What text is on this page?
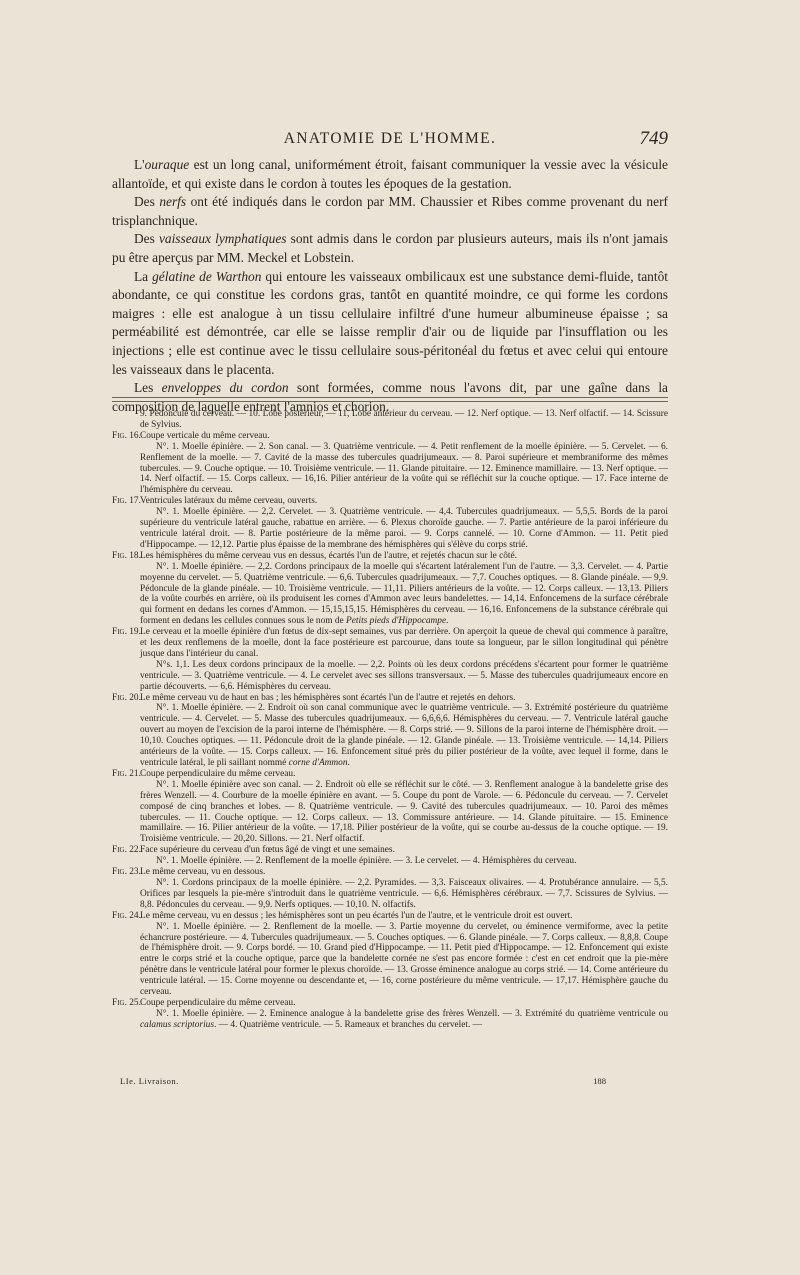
ANATOMIE DE L'HOMME.	749

L'ouraque est un long canal, uniformément étroit, faisant communiquer la vessie avec la vésicule allantoïde, et qui existe dans le cordon à toutes les époques de la gestation.

Des nerfs ont été indiqués dans le cordon par MM. Chaussier et Ribes comme provenant du nerf trisplanchnique.

Des vaisseaux lymphatiques sont admis dans le cordon par plusieurs auteurs, mais ils n'ont jamais pu être aperçus par MM. Meckel et Lobstein.

La gélatine de Warthon qui entoure les vaisseaux ombilicaux est une substance demi-fluide, tantôt abondante, ce qui constitue les cordons gras, tantôt en quantité moindre, ce qui forme les cordons maigres : elle est analogue à un tissu cellulaire infiltré d'une humeur albumineuse épaisse ; sa perméabilité est démontrée, car elle se laisse remplir d'air ou de liquide par l'insufflation ou les injections ; elle est continue avec le tissu cellulaire sous-péritonéal du fœtus et avec celui qui entoure les vaisseaux dans le placenta.

Les enveloppes du cordon sont formées, comme nous l'avons dit, par une gaîne dans la composition de laquelle entrent l'amnios et chorion.

9. Pédoncule du cerveau. — 10. Lobe postérieur, — 11, Lobe antérieur du cerveau. — 12. Nerf optique. — 13. Nerf olfactif. — 14. Scissure de Sylvius.

Fig. 16. Coupe verticale du même cerveau.

N°. 1. Moelle épinière. — 2. Son canal. — 3. Quatrième ventricule. — 4. Petit renflement de la moelle épinière. — 5. Cervelet. — 6. Renflement de la moelle. — 7. Cavité de la masse des tubercules quadrijumeaux. — 8. Paroi supérieure et membraniforme des mêmes tubercules. — 9. Couche optique. — 10. Troisième ventricule. — 11. Glande pituitaire. — 12. Eminence mamillaire. — 13. Nerf optique. — 14. Nerf olfactif. — 15. Corps calleux. — 16,16. Pilier antérieur de la voûte qui se réfléchit sur la couche optique. — 17. Face interne de l'hémisphère du cerveau.

Fig. 17. Ventricules latéraux du même cerveau, ouverts.

N°. 1. Moelle épinière. — 2,2. Cervelet. — 3. Quatrième ventricule. — 4,4. Tubercules quadrijumeaux. — 5,5,5. Bords de la paroi supérieure du ventricule latéral gauche, rabattue en arrière. — 6. Plexus choroïde gauche. — 7. Partie antérieure de la paroi inférieure du ventricule latéral droit. — 8. Partie postérieure de la même paroi. — 9. Corps cannelé. — 10. Corne d'Ammon. — 11. Petit pied d'Hippocampe. — 12,12. Partie plus épaisse de la membrane des hémisphères qui s'élève du corps strié.

Fig. 18. Les hémisphères du même cerveau vus en dessus, écartés l'un de l'autre, et rejetés chacun sur le côté.

N°. 1. Moelle épinière. — 2,2. Cordons principaux de la moelle qui s'écartent latéralement l'un de l'autre. — 3,3. Cervelet. — 4. Partie moyenne du cervelet. — 5. Quatrième ventricule. — 6,6. Tubercules quadrijumeaux. — 7,7. Couches optiques. — 8. Glande pinéale. — 9,9. Pédoncule de la glande pinéale. — 10. Troisième ventricule. — 11,11. Piliers antérieurs de la voûte. — 12. Corps calleux. — 13,13. Piliers de la voûte courbés en arrière, où ils produisent les cornes d'Ammon avec leurs bandelettes. — 14,14. Enfoncemens de la surface cérébrale qui forment en dedans les cornes d'Ammon. — 15,15,15,15. Hémisphères du cerveau. — 16,16. Enfoncemens de la substance cérébrale qui forment en dedans les cellules connues sous le nom de Petits pieds d'Hippocampe.

Fig. 19. Le cerveau et la moelle épinière d'un fœtus de dix-sept semaines, vus par derrière. On aperçoit la queue de cheval qui commence à paraître, et les deux renflemens de la moelle, dont la face postérieure est parcourue, dans toute sa longueur, par le sillon longitudinal qui pénètre jusque dans l'intérieur du canal.

N°s. 1,1. Les deux cordons principaux de la moelle. — 2,2. Points où les deux cordons précédens s'écartent pour former le quatrième ventricule. — 3. Quatrième ventricule. — 4. Le cervelet avec ses sillons transversaux. — 5. Masse des tubercules quadrijumeaux encore en partie découverts. — 6,6. Hémisphères du cerveau.

Fig. 20. Le même cerveau vu de haut en bas ; les hémisphères sont écartés l'un de l'autre et rejetés en dehors.

N°. 1. Moelle épinière. — 2. Endroit où son canal communique avec le quatrième ventricule. — 3. Extrémité postérieure du quatrième ventricule. — 4. Cervelet. — 5. Masse des tubercules quadrijumeaux. — 6,6,6,6. Hémisphères du cerveau. — 7. Ventricule latéral gauche ouvert au moyen de l'excision de la paroi interne de l'hémisphère. — 8. Corps strié. — 9. Sillons de la paroi interne de l'hémisphère droit. — 10,10. Couches optiques. — 11. Pédoncule droit de la glande pinéale. — 12. Glande pinéale. — 13. Troisième ventricule. — 14,14. Piliers antérieurs de la voûte. — 15. Corps calleux. — 16. Enfoncement situé près du pilier postérieur de la voûte, avec lequel il forme, dans le ventricule latéral, le pli saillant nommé corne d'Ammon.

Fig. 21. Coupe perpendiculaire du même cerveau.

N°. 1. Moelle épinière avec son canal. — 2. Endroit où elle se réfléchit sur le côté. — 3. Renflement analogue à la bandelette grise des frères Wenzell. — 4. Courbure de la moelle épinière en avant. — 5. Coupe du pont de Varole. — 6. Pédoncule du cerveau. — 7. Cervelet composé de cinq branches et lobes. — 8. Quatrième ventricule. — 9. Cavité des tubercules quadrijumeaux. — 10. Paroi des mêmes tubercules. — 11. Couche optique. — 12. Corps calleux. — 13. Commissure antérieure. — 14. Glande pituitaire. — 15. Eminence mamillaire. — 16. Pilier antérieur de la voûte. — 17,18. Pilier postérieur de la voûte, qui se courbe au-dessus de la couche optique. — 19. Troisième ventricule. — 20,20. Sillons. — 21. Nerf olfactif.

Fig. 22. Face supérieure du cerveau d'un fœtus âgé de vingt et une semaines.

N°. 1. Moelle épinière. — 2. Renflement de la moelle épinière. — 3. Le cervelet. — 4. Hémisphères du cerveau.

Fig. 23. Le même cerveau, vu en dessous.

N°. 1. Cordons principaux de la moelle épinière. — 2,2. Pyramides. — 3,3. Faisceaux olivaires. — 4. Protubérance annulaire. — 5,5. Orifices par lesquels la pie-mère s'introduit dans le quatrième ventricule. — 6,6. Hémisphères cérébraux. — 7,7. Scissures de Sylvius. — 8,8. Pédoncules du cerveau. — 9,9. Nerfs optiques. — 10,10. N. olfactifs.

Fig. 24. Le même cerveau, vu en dessus ; les hémisphères sont un peu écartés l'un de l'autre, et le ventricule droit est ouvert.

N°. 1. Moelle épinière. — 2. Renflement de la moelle. — 3. Partie moyenne du cervelet, ou éminence vermiforme, avec la petite échancrure postérieure. — 4. Tubercules quadrijumeaux. — 5. Couches optiques. — 6. Glande pinéale. — 7. Corps calleux. — 8,8,8. Coupe de l'hémisphère droit. — 9. Corps bordé. — 10. Grand pied d'Hippocampe. — 11. Petit pied d'Hippocampe. — 12. Enfoncement qui existe entre le corps strié et la couche optique, parce que la bandelette cornée ne s'est pas encore formée : c'est en cet endroit que la pie-mère pénètre dans le ventricule latéral pour former le plexus choroïde. — 13. Grosse éminence analogue au corps strié. — 14. Corne antérieure du ventricule latéral. — 15. Corne moyenne ou descendante et, — 16, corne postérieure du même ventricule. — 17,17. Hémisphère gauche du cerveau.

Fig. 25. Coupe perpendiculaire du même cerveau.

N°. 1. Moelle épinière. — 2. Eminence analogue à la bandelette grise des frères Wenzell. — 3. Extrémité du quatrième ventricule ou calamus scriptorius. — 4. Quatrième ventricule. — 5. Rameaux et branches du cervelet. —

LIe. Livraison.	188
